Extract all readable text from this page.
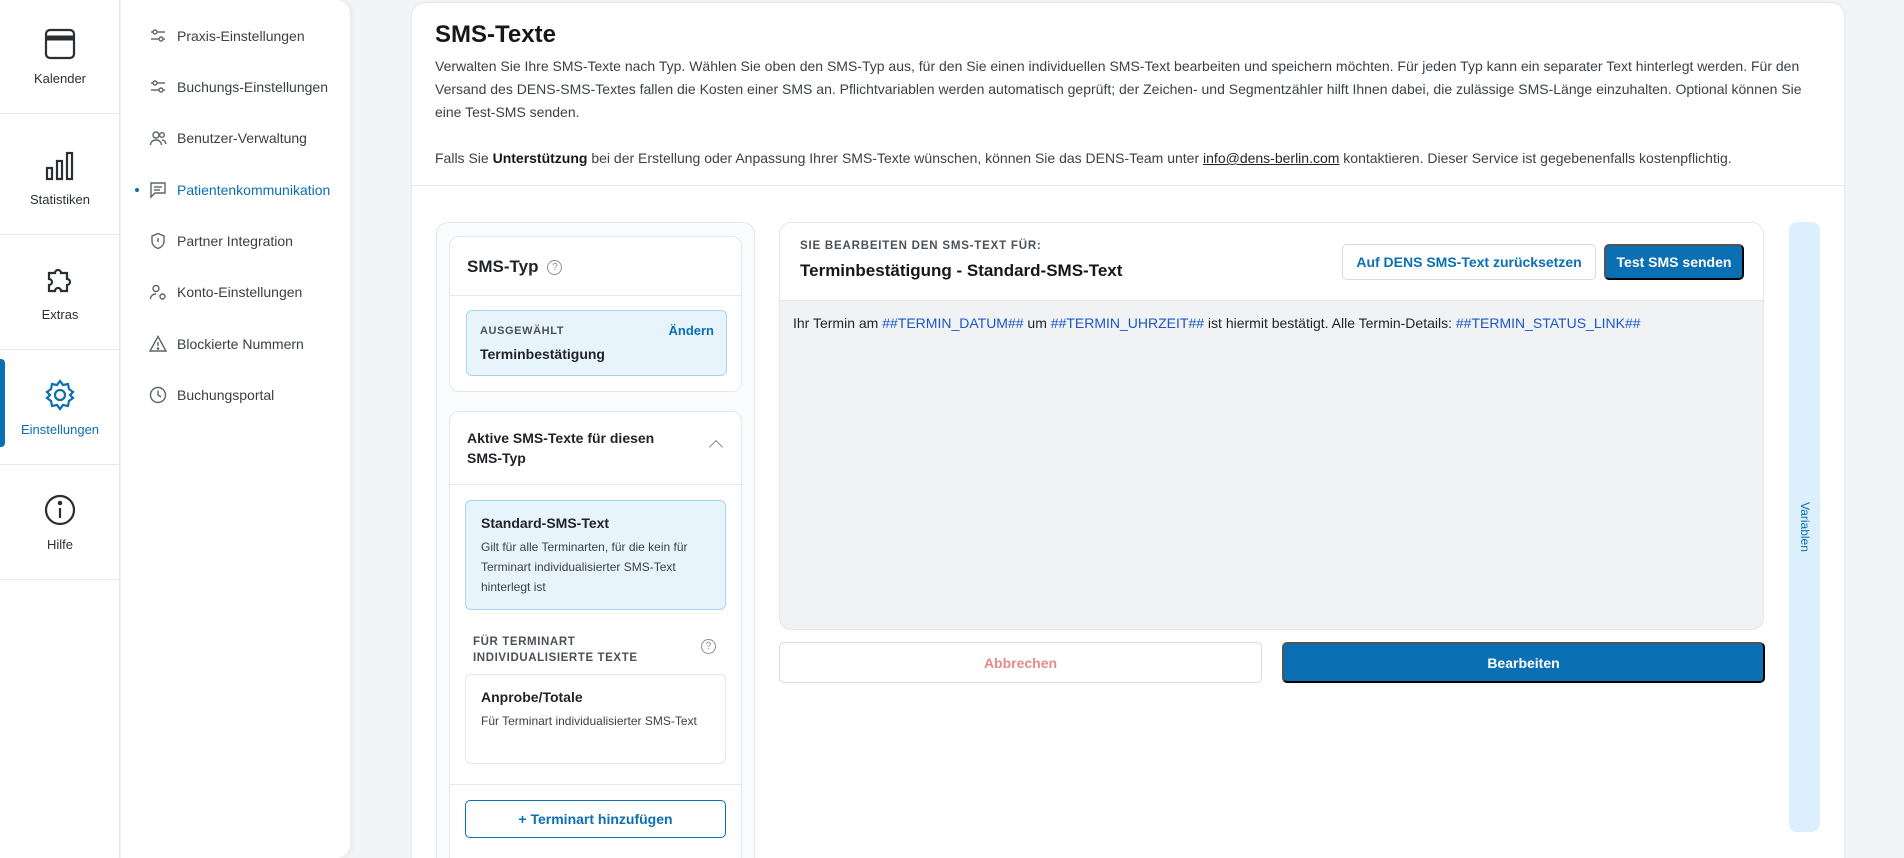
Kalender
Statistiken
Extras
Einstellungen
Hilfe
Praxis-Einstellungen
Buchungs-Einstellungen
Benutzer-Verwaltung
Patientenkommunikation
Partner Integration
Konto-Einstellungen
Blockierte Nummern
Buchungsportal
SMS-Texte

Verwalten Sie Ihre SMS-Texte nach Typ. Wählen Sie oben den SMS-Typ aus, für den Sie einen individuellen SMS-Text bearbeiten und speichern möchten. Für jeden Typ kann ein separater Text hinterlegt werden. Für den Versand des DENS-SMS-Textes fallen die Kosten einer SMS an. Pflichtvariablen werden automatisch geprüft; der Zeichen- und Segmentzähler hilft Ihnen dabei, die zulässige SMS-Länge einzuhalten. Optional können Sie eine Test-SMS senden.

Falls Sie Unterstützung bei der Erstellung oder Anpassung Ihrer SMS-Texte wünschen, können Sie das DENS-Team unter info@dens-berlin.com kontaktieren. Dieser Service ist gegebenenfalls kostenpflichtig.

SMS-Typ	?
AUSGEWÄHLT	Ändern
Terminbestätigung
Aktive SMS-Texte für diesen SMS-Typ
Standard-SMS-Text
Gilt für alle Terminarten, für die kein für Terminart individualisierter SMS-Text hinterlegt ist
FÜR TERMINART INDIVIDUALISIERTE TEXTE
?
Anprobe/Totale
Für Terminart individualisierter SMS-Text
+ Terminart hinzufügen
SIE BEARBEITEN DEN SMS-TEXT FÜR:
Terminbestätigung - Standard-SMS-Text	Auf DENS SMS-Text zurücksetzen	Test SMS senden
Ihr Termin am ##TERMIN_DATUM## um ##TERMIN_UHRZEIT## ist hiermit bestätigt. Alle Termin-Details: ##TERMIN_STATUS_LINK##
Abbrechen	Bearbeiten
Variablen
